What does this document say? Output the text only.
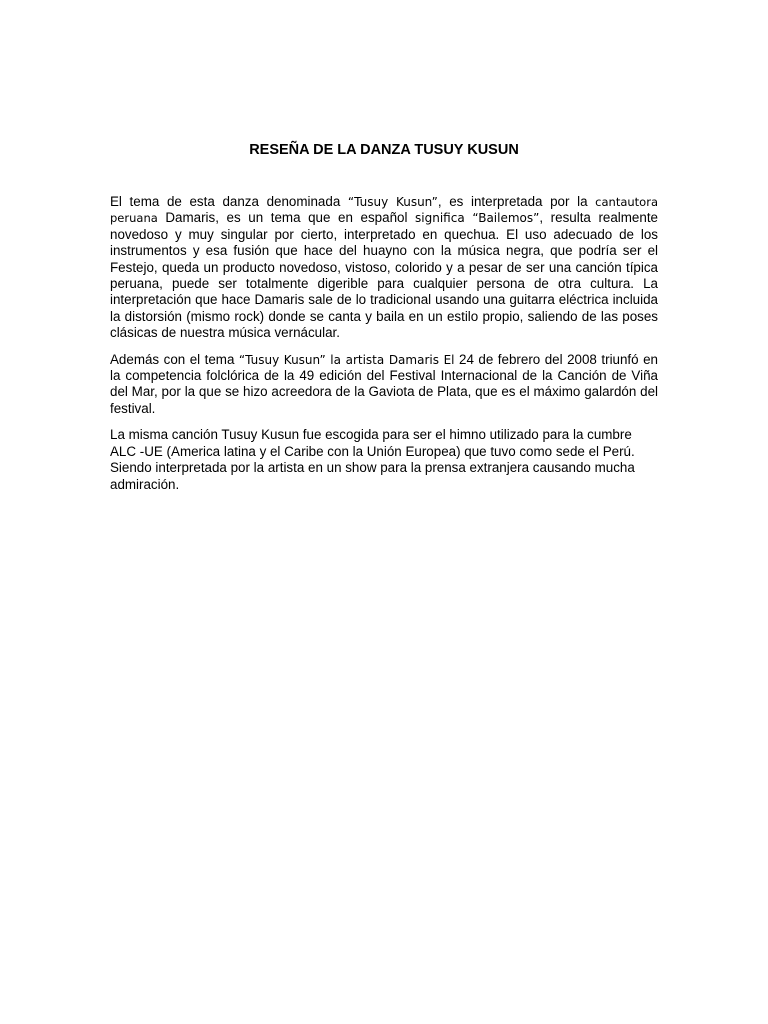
RESEÑA DE LA DANZA TUSUY KUSUN

El tema de esta danza denominada “Tusuy Kusun”, es interpretada por la cantautora peruana Damaris, es un tema que en español significa “Bailemos”, resulta realmente novedoso y muy singular por cierto, interpretado en quechua. El uso adecuado de los instrumentos y esa fusión que hace del huayno con la música negra, que podría ser el Festejo, queda un producto novedoso, vistoso, colorido y a pesar de ser una canción típica peruana, puede ser totalmente digerible para cualquier persona de otra cultura. La interpretación que hace Damaris sale de lo tradicional usando una guitarra eléctrica incluida la distorsión (mismo rock) donde se canta y baila en un estilo propio, saliendo de las poses clásicas de nuestra música vernácular.

Además con el tema “Tusuy Kusun” la artista Damaris El 24 de febrero del 2008 triunfó en la competencia folclórica de la 49 edición del Festival Internacional de la Canción de Viña del Mar, por la que se hizo acreedora de la Gaviota de Plata, que es el máximo galardón del festival.

La misma canción Tusuy Kusun fue escogida para ser el himno utilizado para la cumbre ALC -UE (America latina y el Caribe con la Unión Europea) que tuvo como sede el Perú. Siendo interpretada por la artista en un show para la prensa extranjera causando mucha admiración.
